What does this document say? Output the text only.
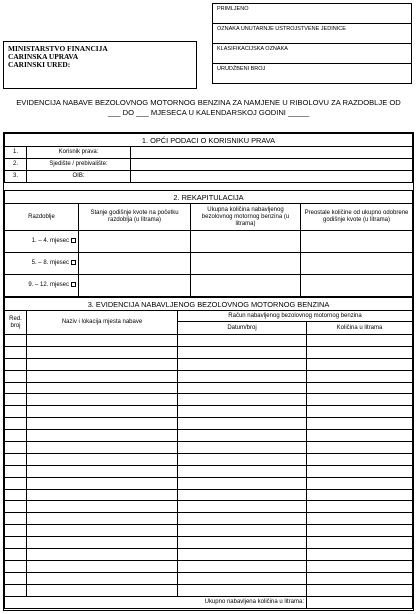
PRIMLJENO
OZNAKA UNUTARNJE USTROJSTVENE JEDINICE
KLASIFIKACIJSKA OZNAKA
URUDŽBENI BROJ
MINISTARSTVO FINANCIJA
CARINSKA UPRAVA
CARINSKI URED:
EVIDENCIJA NABAVE BEZOLOVNOG MOTORNOG BENZINA ZA NAMJENE U RIBOLOVU ZA RAZDOBLJE OD
___ DO ___ MJESECA U KALENDARSKOJ GODINI _____
1. OPĆI PODACI O KORISNIKU PRAVA		
1.	Korisnik prava:	
2.	Sjedište / prebivalište:	
3.	OIB:	
2. REKAPITULACIJA			
Razdoblje	Stanje godišnje kvote na početku razdoblja (u litrama)	Ukupna količina nabavljenog bezolovnog motornog benzina (u litrama)	Preostale količine od ukupno odobrene godišnje kvote (u litrama)
1. – 4. mjesec			
5. – 8. mjesec			
9. – 12. mjesec			
3. EVIDENCIJA NABAVLJENOG BEZOLOVNOG MOTORNOG BENZINA			
Red. broj	Naziv i lokacija mjesta nabave	Račun nabavljenog bezolovnog motornog benzina	
		Datum/broj	Količina u litrama

Ukupno nabavljena količina u litrama:			
